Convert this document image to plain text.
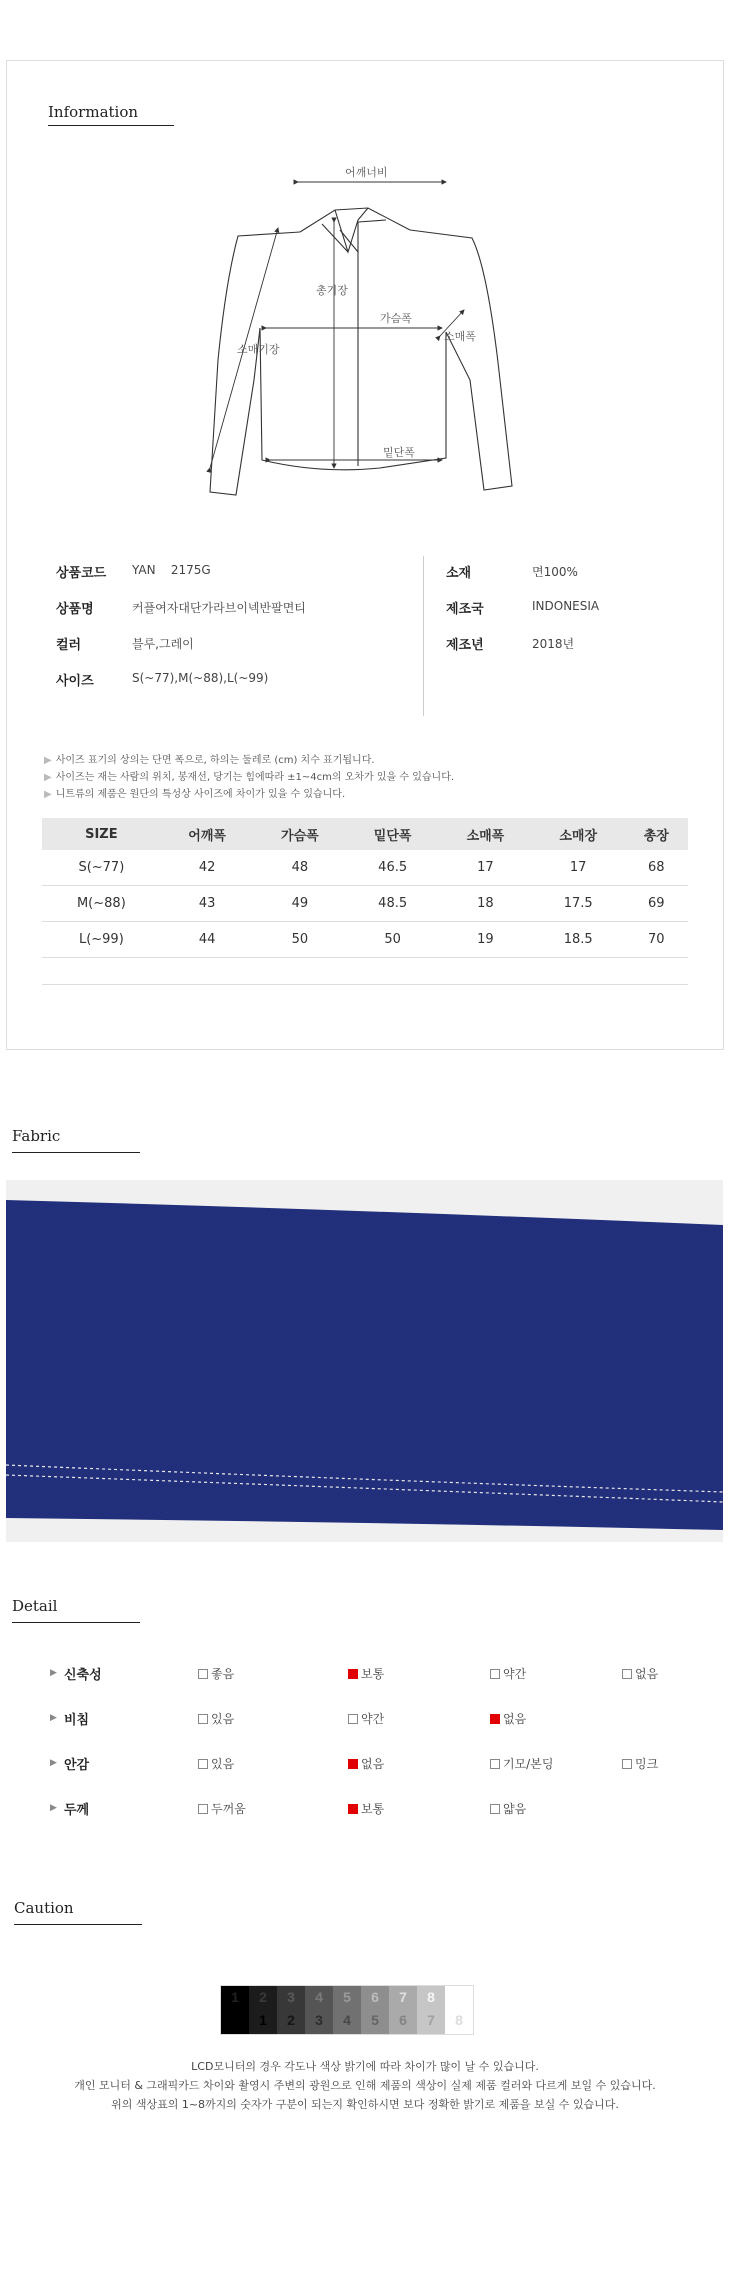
Information
어깨너비
총기장
가슴폭
소매기장
소매폭
밑단폭
상품코드 YAN    2175G
상품명	커플여자대단가라브이넥반팔면티
컬러	블루,그레이
사이즈	S(~77),M(~88),L(~99)
소재	면100%
제조국	INDONESIA
제조년	2018년
▶ 사이즈 표기의 상의는 단면 폭으로, 하의는 둘레로 (cm) 치수 표기됩니다.
▶ 사이즈는 재는 사람의 위치, 봉재선, 당기는 힘에따라 ±1~4cm의 오차가 있을 수 있습니다.
▶ 니트류의 제품은 원단의 특성상 사이즈에 차이가 있을 수 있습니다.
SIZE	어깨폭	가슴폭	밑단폭	소매폭	소매장	총장
S(~77)	42	48	46.5	17	17	68
M(~88)	43	49	48.5	18	17.5	69
L(~99)	44	50	50	19	18.5	70
Fabric
Detail
▶ 신축성	좋음	보통	약간	없음
▶ 비침	있음	약간	없음
▶ 안감	있음	없음	기모/본딩	밍크
▶ 두께	두꺼움	보통	얇음
Caution
1	2
1
3
2
4
3
5
4
6
5
7
6
8
7	8
LCD모니터의 경우 각도나 색상 밝기에 따라 차이가 많이 날 수 있습니다.
개인 모니터 & 그래픽카드 차이와 촬영시 주변의 광원으로 인해 제품의 색상이 실제 제품 컬러와 다르게 보일 수 있습니다.
위의 색상표의 1~8까지의 숫자가 구분이 되는지 확인하시면 보다 정확한 밝기로 제품을 보실 수 있습니다.
